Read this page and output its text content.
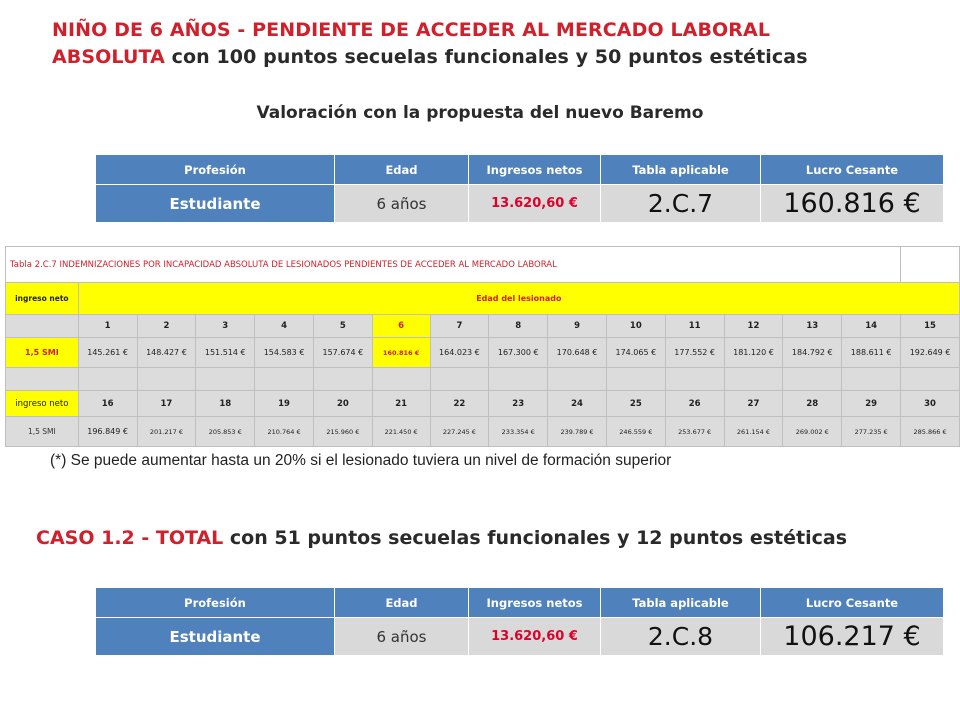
NIÑO DE 6 AÑOS - PENDIENTE DE ACCEDER AL MERCADO LABORAL
ABSOLUTA con 100 puntos secuelas funcionales y 50 puntos estéticas
Valoración con la propuesta del nuevo Baremo
Profesión	Edad	Ingresos netos	Tabla aplicable	Lucro Cesante
Estudiante	6 años	13.620,60 €	2.C.7	160.816 €
Tabla 2.C.7 INDEMNIZACIONES POR INCAPACIDAD ABSOLUTA DE LESIONADOS PENDIENTES DE ACCEDER AL MERCADO LABORAL															
ingreso neto	Edad del lesionado														
	1	2	3	4	5	6	7	8	9	10	11	12	13	14	15
1,5 SMI	145.261 €	148.427 €	151.514 €	154.583 €	157.674 €	160.816 €	164.023 €	167.300 €	170.648 €	174.065 €	177.552 €	181.120 €	184.792 €	188.611 €	192.649 €

ingreso neto	16	17	18	19	20	21	22	23	24	25	26	27	28	29	30
1,5 SMI	196.849 €	201.217 €	205.853 €	210.764 €	215.960 €	221.450 €	227.245 €	233.354 €	239.789 €	246.559 €	253.677 €	261.154 €	269.002 €	277.235 €	285.866 €
(*) Se puede aumentar hasta un 20% si el lesionado tuviera un nivel de formación superior
CASO 1.2 - TOTAL con 51 puntos secuelas funcionales y 12 puntos estéticas
Profesión	Edad	Ingresos netos	Tabla aplicable	Lucro Cesante
Estudiante	6 años	13.620,60 €	2.C.8	106.217 €
